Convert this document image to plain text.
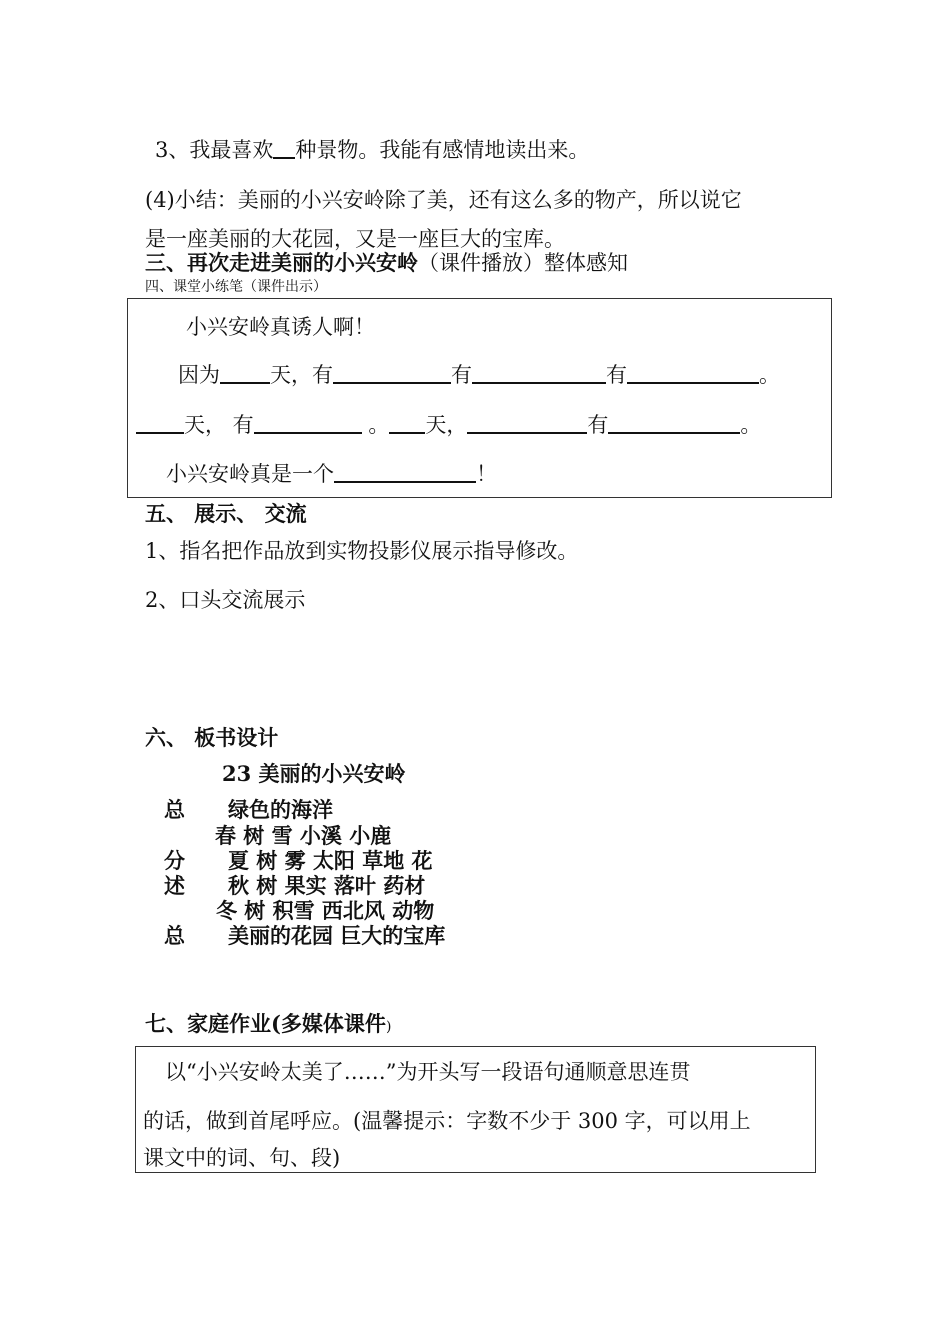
3、我最喜欢 种景物。我能有感情地读出来。
(4)小结：美丽的小兴安岭除了美，还有这么多的物产，所以说它
是一座美丽的大花园，又是一座巨大的宝库。
三、再次走进美丽的小兴安岭（课件播放）整体感知
四、课堂小练笔（课件出示）
小兴安岭真诱人啊！
因为 天，有	有	有	。
天， 有	。 天，	有	。
小兴安岭真是一个	！
五、 展示、 交流
1、指名把作品放到实物投影仪展示指导修改。
2、口头交流展示
六、 板书设计
23 美丽的小兴安岭
总 绿色的海洋
春 树 雪 小溪 小鹿
分 夏 树 雾 太阳 草地 花
述 秋 树 果实 落叶 药材
冬 树 积雪 西北风 动物
总 美丽的花园 巨大的宝库
七、家庭作业(多媒体课件)
以“小兴安岭太美了……”为开头写一段语句通顺意思连贯
的话，做到首尾呼应。(温馨提示：字数不少于 300 字，可以用上
课文中的词、句、段)
